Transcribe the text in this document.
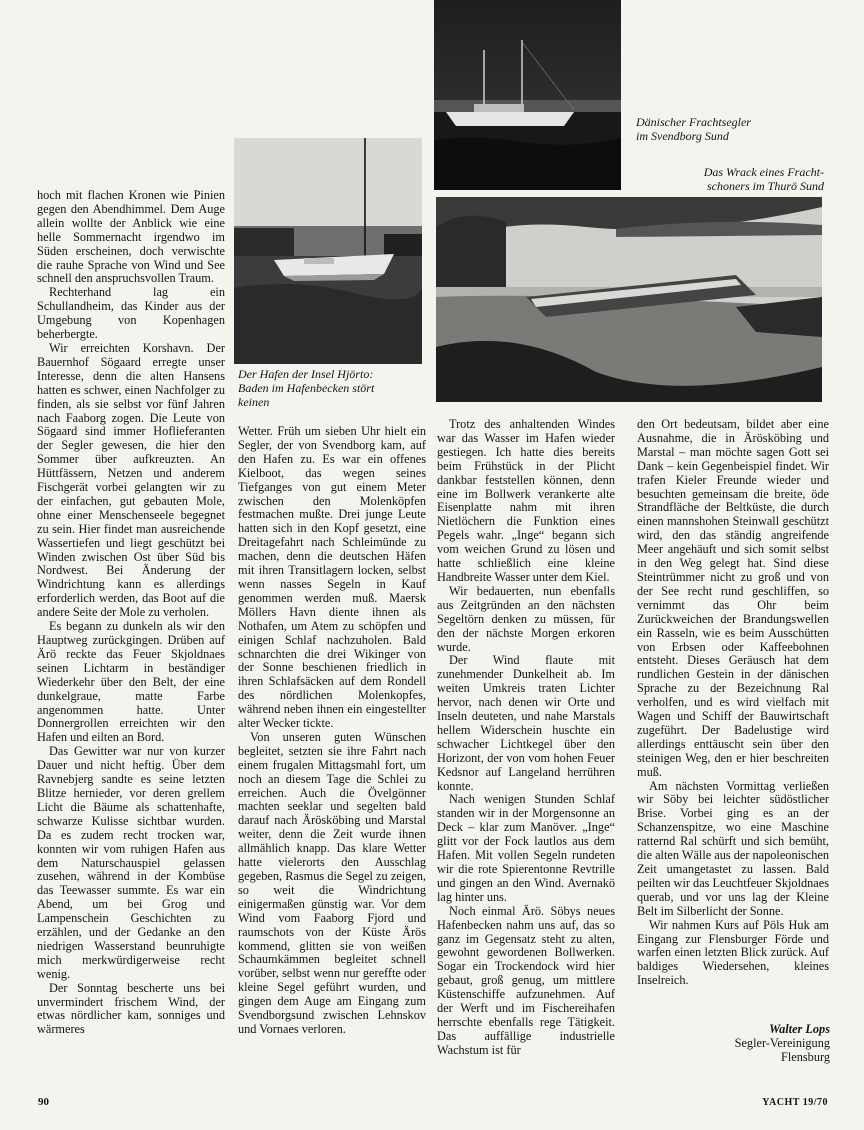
Dänischer Frachtsegler
im Svendborg Sund
Das Wrack eines Fracht-
schoners im Thurö Sund
Der Hafen der Insel Hjörto:
Baden im Hafenbecken stört
keinen

hoch mit flachen Kronen wie Pinien gegen den Abendhimmel. Dem Auge allein wollte der Anblick wie eine helle Sommernacht irgendwo im Süden erscheinen, doch verwischte die rauhe Sprache von Wind und See schnell den anspruchsvollen Traum.

Rechterhand lag ein Schullandheim, das Kinder aus der Umgebung von Kopenhagen beherbergte.

Wir erreichten Korshavn. Der Bauernhof Sögaard erregte unser Interesse, denn die alten Hansens hatten es schwer, einen Nachfolger zu finden, als sie selbst vor fünf Jahren nach Faaborg zogen. Die Leute von Sögaard sind immer Hoflieferanten der Segler gewesen, die hier den Sommer über aufkreuzten. An Hüttfässern, Netzen und anderem Fischgerät vorbei gelangten wir zu der einfachen, gut gebauten Mole, ohne einer Menschenseele begegnet zu sein. Hier findet man ausreichende Wassertiefen und liegt geschützt bei Winden zwischen Ost über Süd bis Nordwest. Bei Änderung der Windrichtung kann es allerdings erforderlich werden, das Boot auf die andere Seite der Mole zu verholen.

Es begann zu dunkeln als wir den Hauptweg zurückgingen. Drüben auf Ärö reckte das Feuer Skjoldnaes seinen Lichtarm in beständiger Wiederkehr über den Belt, der eine dunkelgraue, matte Farbe angenommen hatte. Unter Donnergrollen erreichten wir den Hafen und eilten an Bord.

Das Gewitter war nur von kurzer Dauer und nicht heftig. Über dem Ravnebjerg sandte es seine letzten Blitze hernieder, vor deren grellem Licht die Bäume als schattenhafte, schwarze Kulisse sichtbar wurden. Da es zudem recht trocken war, konnten wir vom ruhigen Hafen aus dem Naturschauspiel gelassen zusehen, während in der Kombüse das Teewasser summte. Es war ein Abend, um bei Grog und Lampenschein Geschichten zu erzählen, und der Gedanke an den niedrigen Wasserstand beunruhigte mich merkwürdigerweise recht wenig.

Der Sonntag bescherte uns bei unvermindert frischem Wind, der etwas nördlicher kam, sonniges und wärmeres

Wetter. Früh um sieben Uhr hielt ein Segler, der von Svendborg kam, auf den Hafen zu. Es war ein offenes Kielboot, das wegen seines Tiefganges von gut einem Meter zwischen den Molenköpfen festmachen mußte. Drei junge Leute hatten sich in den Kopf gesetzt, eine Dreitagefahrt nach Schleimünde zu machen, denn die deutschen Häfen mit ihren Transitlagern locken, selbst wenn nasses Segeln in Kauf genommen werden muß. Maersk Möllers Havn diente ihnen als Nothafen, um Atem zu schöpfen und einigen Schlaf nachzuholen. Bald schnarchten die drei Wikinger von der Sonne beschienen friedlich in ihren Schlafsäcken auf dem Rondell des nördlichen Molenkopfes, während neben ihnen ein eingestellter alter Wecker tickte.

Von unseren guten Wünschen begleitet, setzten sie ihre Fahrt nach einem frugalen Mittagsmahl fort, um noch an diesem Tage die Schlei zu erreichen. Auch die Övelgönner machten seeklar und segelten bald darauf nach Ärösköbing und Marstal weiter, denn die Zeit wurde ihnen allmählich knapp. Das klare Wetter hatte vielerorts den Ausschlag gegeben, Rasmus die Segel zu zeigen, so weit die Windrichtung einigermaßen günstig war. Vor dem Wind vom Faaborg Fjord und raumschots von der Küste Ärös kommend, glitten sie von weißen Schaumkämmen begleitet schnell vorüber, selbst wenn nur gereffte oder kleine Segel geführt wurden, und gingen dem Auge am Eingang zum Svendborgsund zwischen Lehnskov und Vornaes verloren.

Trotz des anhaltenden Windes war das Wasser im Hafen wieder gestiegen. Ich hatte dies bereits beim Frühstück in der Plicht dankbar feststellen können, denn eine im Bollwerk verankerte alte Eisenplatte nahm mit ihren Nietlöchern die Funktion eines Pegels wahr. „Inge“ begann sich vom weichen Grund zu lösen und hatte schließlich eine kleine Handbreite Wasser unter dem Kiel.

Wir bedauerten, nun ebenfalls aus Zeitgründen an den nächsten Segeltörn denken zu müssen, für den der nächste Morgen erkoren wurde.

Der Wind flaute mit zunehmender Dunkelheit ab. Im weiten Umkreis traten Lichter hervor, nach denen wir Orte und Inseln deuteten, und nahe Marstals hellem Widerschein huschte ein schwacher Lichtkegel über den Horizont, der von vom hohen Feuer Kedsnor auf Langeland herrühren konnte.

Nach wenigen Stunden Schlaf standen wir in der Morgensonne an Deck – klar zum Manöver. „Inge“ glitt vor der Fock lautlos aus dem Hafen. Mit vollen Segeln rundeten wir die rote Spierentonne Revtrille und gingen an den Wind. Avernakö lag hinter uns.

Noch einmal Ärö. Söbys neues Hafenbecken nahm uns auf, das so ganz im Gegensatz steht zu alten, gewohnt gewordenen Bollwerken. Sogar ein Trockendock wird hier gebaut, groß genug, um mittlere Küstenschiffe aufzunehmen. Auf der Werft und im Fischereihafen herrschte ebenfalls rege Tätigkeit. Das auffällige industrielle Wachstum ist für

den Ort bedeutsam, bildet aber eine Ausnahme, die in Ärösköbing und Marstal – man möchte sagen Gott sei Dank – kein Gegenbeispiel findet. Wir trafen Kieler Freunde wieder und besuchten gemeinsam die breite, öde Strandfläche der Beltküste, die durch einen mannshohen Steinwall geschützt wird, den das ständig angreifende Meer angehäuft und sich somit selbst in den Weg gelegt hat. Sind diese Steintrümmer nicht zu groß und von der See recht rund geschliffen, so vernimmt das Ohr beim Zurückweichen der Brandungswellen ein Rasseln, wie es beim Ausschütten von Erbsen oder Kaffeebohnen entsteht. Dieses Geräusch hat dem rundlichen Gestein in der dänischen Sprache zu der Bezeichnung Ral verholfen, und es wird vielfach mit Wagen und Schiff der Bauwirtschaft zugeführt. Der Badelustige wird allerdings enttäuscht sein über den steinigen Weg, den er hier beschreiten muß.

Am nächsten Vormittag verließen wir Söby bei leichter südöstlicher Brise. Vorbei ging es an der Schanzenspitze, wo eine Maschine ratternd Ral schürft und sich bemüht, die alten Wälle aus der napoleonischen Zeit umangetastet zu lassen. Bald peilten wir das Leuchtfeuer Skjoldnaes querab, und vor uns lag der Kleine Belt im Silberlicht der Sonne.

Wir nahmen Kurs auf Pöls Huk am Eingang zur Flensburger Förde und warfen einen letzten Blick zurück. Auf baldiges Wiedersehen, kleines Inselreich.

Walter Lops
Segler-Vereinigung
Flensburg
90	YACHT 19/70
